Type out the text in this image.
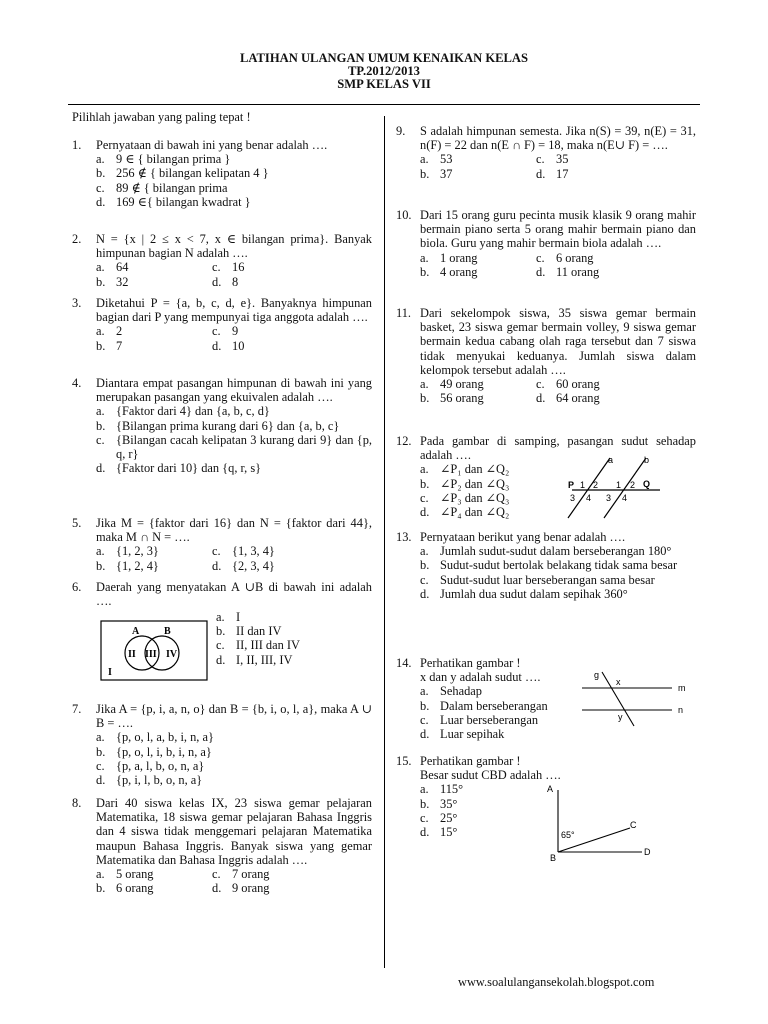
LATIHAN ULANGAN UMUM KENAIKAN KELAS
TP.2012/2013
SMP KELAS VII
Pilihlah jawaban yang paling tepat !
1. Pernyataan di bawah ini yang benar adalah ….
a. 9 ∈ { bilangan prima }
b. 256 ∉ { bilangan kelipatan 4 }
c. 89 ∉ { bilangan prima
d. 169 ∈{ bilangan kwadrat }
2. N = {x | 2 ≤ x < 7, x ∈ bilangan prima}. Banyak himpunan bagian N adalah ….
a. 64	c. 16
b. 32	d. 8
3. Diketahui P = {a, b, c, d, e}. Banyaknya himpunan bagian dari P yang mempunyai tiga anggota adalah ….
a. 2	c. 9
b. 7	d. 10
4. Diantara empat pasangan himpunan di bawah ini yang merupakan pasangan yang ekuivalen adalah ….
a. {Faktor dari 4} dan {a, b, c, d}
b. {Bilangan prima kurang dari 6} dan {a, b, c}
c. {Bilangan cacah kelipatan 3 kurang dari 9} dan {p, q, r}
d. {Faktor dari 10} dan {q, r, s}
5. Jika M = {faktor dari 16} dan N = {faktor dari 44}, maka M ∩ N = ….
a. {1, 2, 3}	c. {1, 3, 4}
b. {1, 2, 4}	d. {2, 3, 4}
6. Daerah yang menyatakan A ∪B di bawah ini adalah ….
A B
II III IV
I
a. I
b. II dan IV
c. II, III dan IV
d. I, II, III, IV
7. Jika A = {p, i, a, n, o} dan B = {b, i, o, l, a}, maka A ∪ B = ….
a. {p, o, l, a, b, i, n, a}
b. {p, o, l, i, b, i, n, a}
c. {p, a, l, b, o, n, a}
d. {p, i, l, b, o, n, a}
8. Dari 40 siswa kelas IX, 23 siswa gemar pelajaran Matematika, 18 siswa gemar pelajaran Bahasa Inggris dan 4 siswa tidak menggemari pelajaran Matematika maupun Bahasa Inggris. Banyak siswa yang gemar Matematika dan Bahasa Inggris adalah ….
a. 5 orang	c. 7 orang
b. 6 orang	d. 9 orang
9. S adalah himpunan semesta. Jika n(S) = 39, n(E) = 31, n(F) = 22 dan n(E ∩ F) = 18, maka n(E∪ F) = ….
a. 53	c. 35
b. 37	d. 17
10. Dari 15 orang guru pecinta musik klasik 9 orang mahir bermain piano serta 5 orang mahir bermain piano dan biola. Guru yang mahir bermain biola adalah ….
a. 1 orang	c. 6 orang
b. 4 orang	d. 11 orang
11. Dari sekelompok siswa, 35 siswa gemar bermain basket, 23 siswa gemar bermain volley, 9 siswa gemar bermain kedua cabang olah raga tersebut dan 7 siswa tidak menyukai keduanya. Jumlah siswa dalam kelompok tersebut adalah ….
a. 49 orang	c. 60 orang
b. 56 orang	d. 64 orang
12. Pada gambar di samping, pasangan sudut sehadap adalah ….
a. ∠P₁ dan ∠Q₂
b. ∠P₂ dan ∠Q₃
c. ∠P₃ dan ∠Q₃
d. ∠P₄ dan ∠Q₂
a	b
P	Q
1 2
3 4
1 2
3 4
13. Pernyataan berikut yang benar adalah ….
a. Jumlah sudut-sudut dalam berseberangan 180°
b. Sudut-sudut bertolak belakang tidak sama besar
c. Sudut-sudut luar berseberangan sama besar
d. Jumlah dua sudut dalam sepihak 360°
14. Perhatikan gambar !
x dan y adalah sudut ….
a. Sehadap
b. Dalam berseberangan
c. Luar berseberangan
d. Luar sepihak
g
x
y
m
n
15. Perhatikan gambar !
Besar sudut CBD adalah ….
a. 115°
b. 35°
c. 25°
d. 15°
A
B
C
D
65°
www.soalulangansekolah.blogspot.com
